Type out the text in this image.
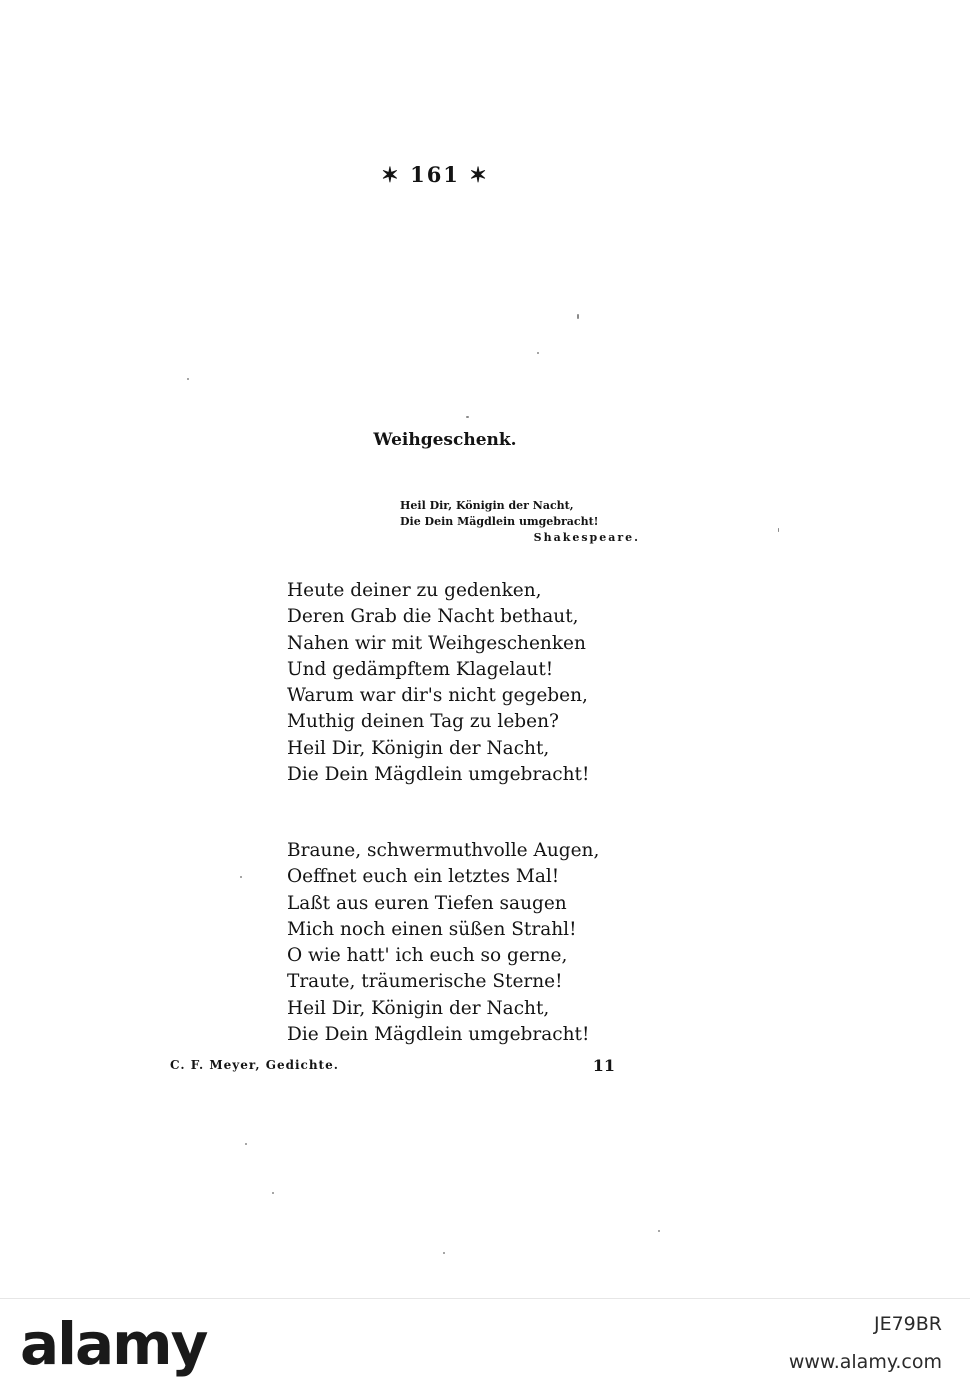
✶ 161 ✶
Weihgeschenk.
Heil Dir, Königin der Nacht,
Die Dein Mägdlein umgebracht!
Shakespeare.
Heute deiner zu gedenken,
Deren Grab die Nacht bethaut,
Nahen wir mit Weihgeschenken
Und gedämpftem Klagelaut!
Warum war dir's nicht gegeben,
Muthig deinen Tag zu leben?
Heil Dir, Königin der Nacht,
Die Dein Mägdlein umgebracht!
Braune, schwermuthvolle Augen,
Oeffnet euch ein letztes Mal!
Laßt aus euren Tiefen saugen
Mich noch einen süßen Strahl!
O wie hatt' ich euch so gerne,
Traute, träumerische Sterne!
Heil Dir, Königin der Nacht,
Die Dein Mägdlein umgebracht!
C. F. Meyer, Gedichte.	11
alamy	JE79BR
www.alamy.com
